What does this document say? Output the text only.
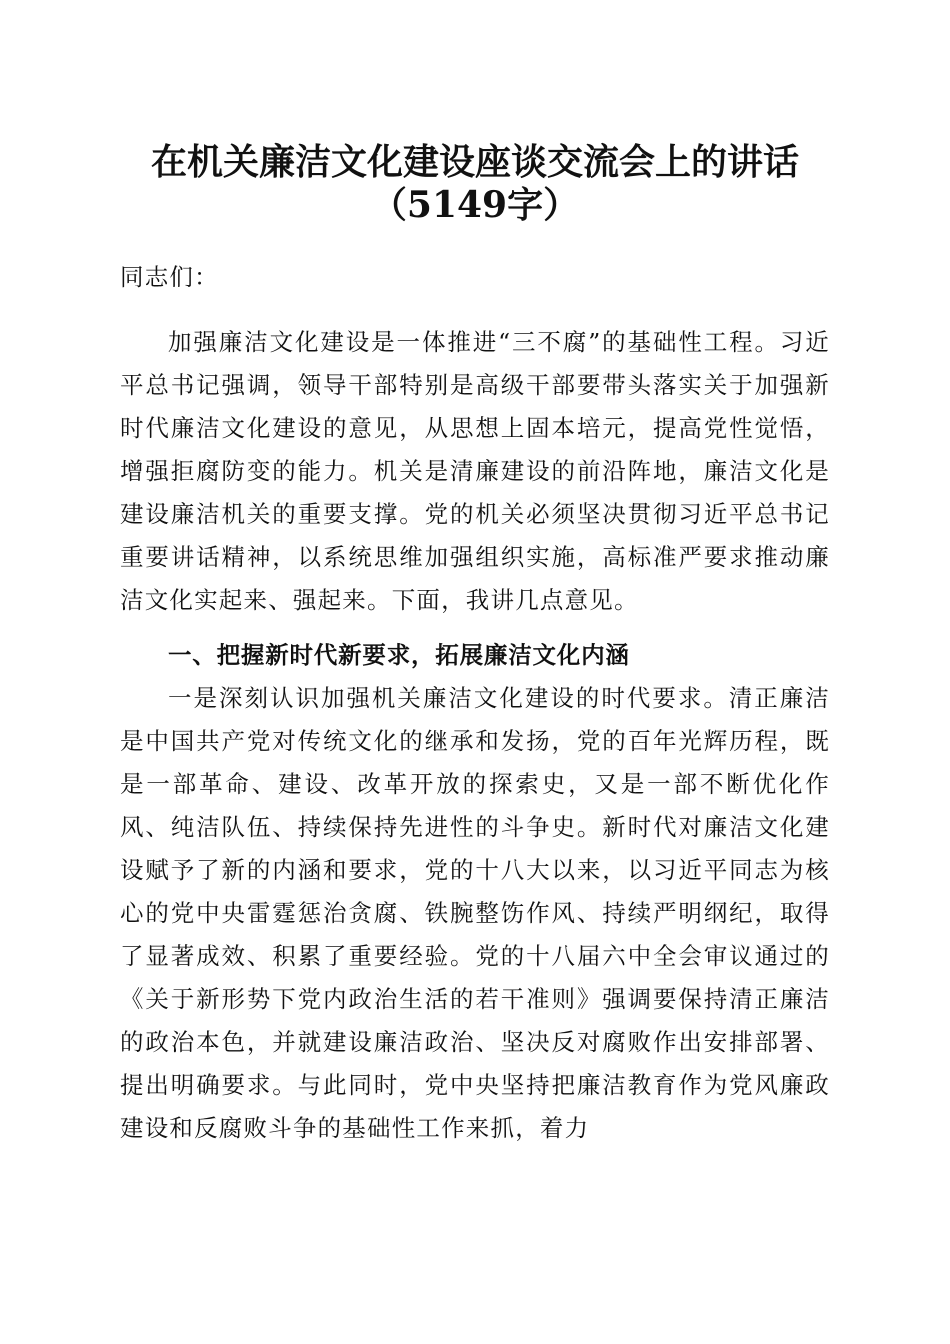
在机关廉洁文化建设座谈交流会上的讲话
（5149字）

同志们：

加强廉洁文化建设是一体推进“三不腐”的基础性工程。习近平总书记强调，领导干部特别是高级干部要带头落实关于加强新时代廉洁文化建设的意见，从思想上固本培元，提高党性觉悟，增强拒腐防变的能力。机关是清廉建设的前沿阵地，廉洁文化是建设廉洁机关的重要支撑。党的机关必须坚决贯彻习近平总书记重要讲话精神，以系统思维加强组织实施，高标准严要求推动廉洁文化实起来、强起来。下面，我讲几点意见。

一、把握新时代新要求，拓展廉洁文化内涵

一是深刻认识加强机关廉洁文化建设的时代要求。清正廉洁是中国共产党对传统文化的继承和发扬，党的百年光辉历程，既是一部革命、建设、改革开放的探索史，又是一部不断优化作风、纯洁队伍、持续保持先进性的斗争史。新时代对廉洁文化建设赋予了新的内涵和要求，党的十八大以来，以习近平同志为核心的党中央雷霆惩治贪腐、铁腕整饬作风、持续严明纲纪，取得了显著成效、积累了重要经验。党的十八届六中全会审议通过的《关于新形势下党内政治生活的若干准则》强调要保持清正廉洁的政治本色，并就建设廉洁政治、坚决反对腐败作出安排部署、提出明确要求。与此同时，党中央坚持把廉洁教育作为党风廉政建设和反腐败斗争的基础性工作来抓，着力
